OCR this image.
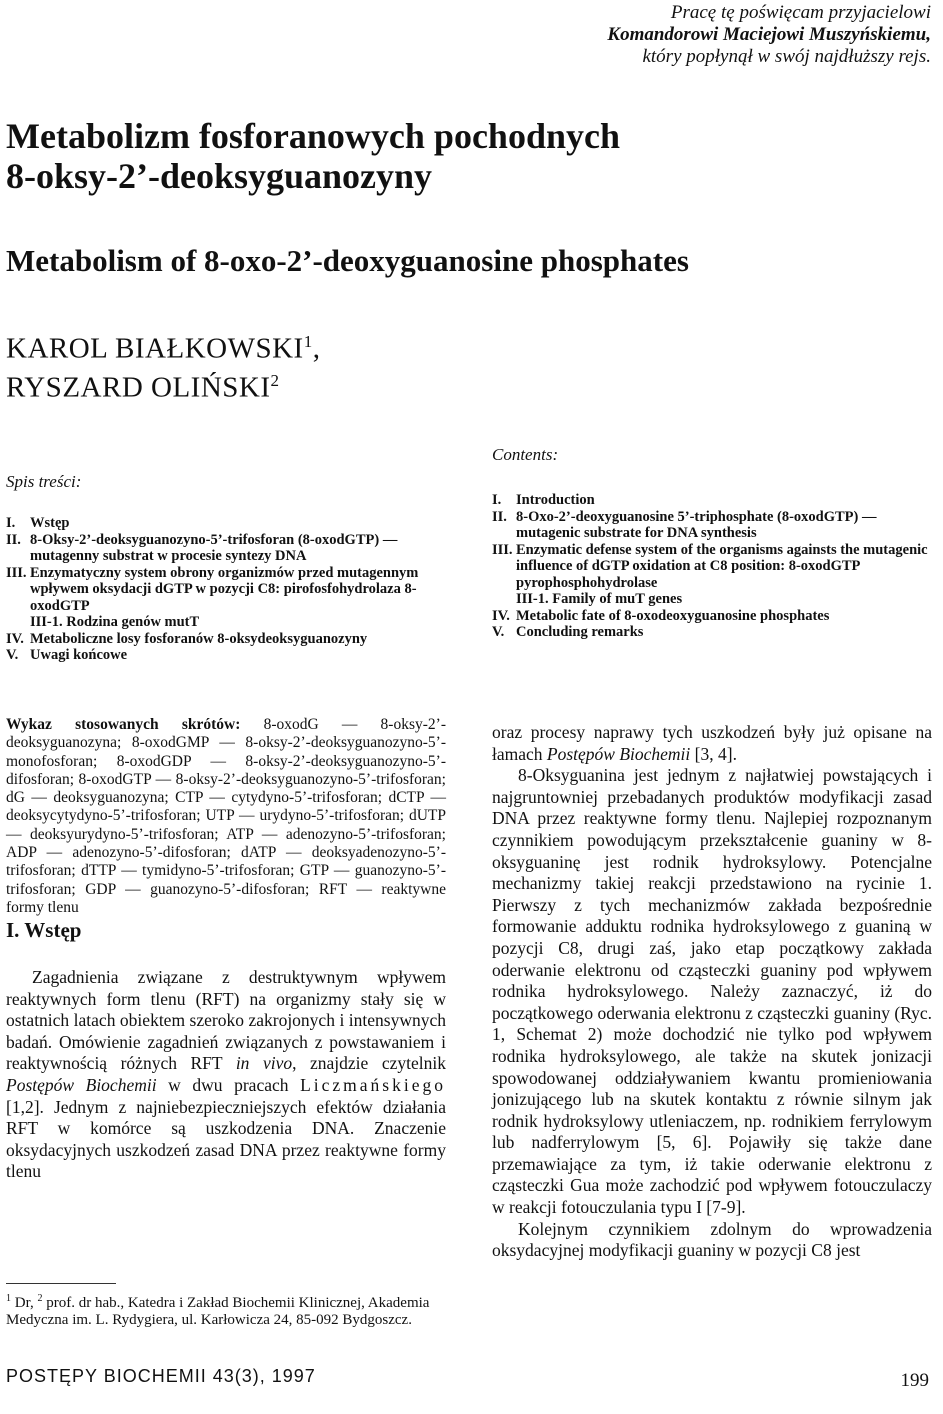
Pracę tę poświęcam przyjacielowi
Komandorowi Maciejowi Muszyńskiemu,
który popłynął w swój najdłuższy rejs.
Metabolizm fosforanowych pochodnych
8-oksy-2’-deoksyguanozyny
Metabolism of 8-oxo-2’-deoxyguanosine phosphates
KAROL BIAŁKOWSKI$^1$,
RYSZARD OLIŃSKI$^2$
Spis treści:
I.	Wstęp
II. 8-Oksy-2’-deoksyguanozyno-5’-trifosforan (8-oxodGTP) — mutagenny substrat w procesie syntezy DNA
III. Enzymatyczny system obrony organizmów przed mutagennym wpływem oksydacji dGTP w pozycji C8: pirofosfohydrolaza 8-oxodGTP
III-1. Rodzina genów mutT
IV. Metaboliczne losy fosforanów 8-oksydeoksyguanozyny
V. Uwagi końcowe
Contents:
I.	Introduction
II. 8-Oxo-2’-deoxyguanosine 5’-triphosphate (8-oxodGTP) — mutagenic substrate for DNA synthesis
III. Enzymatic defense system of the organisms againsts the mutagenic influence of dGTP oxidation at C8 position: 8-oxodGTP pyrophosphohydrolase
III-1. Family of muT genes
IV. Metabolic fate of 8-oxodeoxyguanosine phosphates
V. Concluding remarks
Wykaz stosowanych skrótów: 8-oxodG — 8-oksy-2’-deoksyguanozyna; 8-oxodGMP — 8-oksy-2’-deoksyguanozyno-5’-monofosforan; 8-oxodGDP — 8-oksy-2’-deoksyguanozyno-5’-difosforan; 8-oxodGTP — 8-oksy-2’-deoksyguanozyno-5’-trifosforan; dG — deoksyguanozyna; CTP — cytydyno-5’-trifosforan; dCTP — deoksycytydyno-5’-trifosforan; UTP — urydyno-5’-trifosforan; dUTP — deoksyurydyno-5’-trifosforan; ATP — adenozyno-5’-trifosforan; ADP — adenozyno-5’-difosforan; dATP — deoksyadenozyno-5’-trifosforan; dTTP — tymidyno-5’-trifosforan; GTP — guanozyno-5’-trifosforan; GDP — guanozyno-5’-difosforan; RFT — reaktywne formy tlenu
I. Wstęp

Zagadnienia związane z destruktywnym wpływem reaktywnych form tlenu (RFT) na organizmy stały się w ostatnich latach obiektem szeroko zakrojonych i intensywnych badań. Omówienie zagadnień związanych z powstawaniem i reaktywnością różnych RFT in vivo, znajdzie czytelnik Postępów Biochemii w dwu pracach Liczmańskiego [1,2]. Jednym z najniebezpieczniejszych efektów działania RFT w komórce są uszkodzenia DNA. Znaczenie oksydacyjnych uszkodzeń zasad DNA przez reaktywne formy tlenu

$^1$ Dr, $^2$ prof. dr hab., Katedra i Zakład Biochemii Klinicznej, Akademia Medyczna im. L. Rydygiera, ul. Karłowicza 24, 85-092 Bydgoszcz.

oraz procesy naprawy tych uszkodzeń były już opisane na łamach Postępów Biochemii [3, 4].

8-Oksyguanina jest jednym z najłatwiej powstających i najgruntowniej przebadanych produktów modyfikacji zasad DNA przez reaktywne formy tlenu. Najlepiej rozpoznanym czynnikiem powodującym przekształcenie guaniny w 8-oksyguaninę jest rodnik hydroksylowy. Potencjalne mechanizmy takiej reakcji przedstawiono na rycinie 1. Pierwszy z tych mechanizmów zakłada bezpośrednie formowanie adduktu rodnika hydroksylowego z guaniną w pozycji C8, drugi zaś, jako etap początkowy zakłada oderwanie elektronu od cząsteczki guaniny pod wpływem rodnika hydroksylowego. Należy zaznaczyć, iż do początkowego oderwania elektronu z cząsteczki guaniny (Ryc. 1, Schemat 2) może dochodzić nie tylko pod wpływem rodnika hydroksylowego, ale także na skutek jonizacji spowodowanej oddziaływaniem kwantu promieniowania jonizującego lub na skutek kontaktu z równie silnym jak rodnik hydroksylowy utleniaczem, np. rodnikiem ferrylowym lub nadferrylowym [5, 6]. Pojawiły się także dane przemawiające za tym, iż takie oderwanie elektronu z cząsteczki Gua może zachodzić pod wpływem fotouczulaczy w reakcji fotouczulania typu I [7-9].

Kolejnym czynnikiem zdolnym do wprowadzenia oksydacyjnej modyfikacji guaniny w pozycji C8 jest

POSTĘPY BIOCHEMII 43(3), 1997	199
